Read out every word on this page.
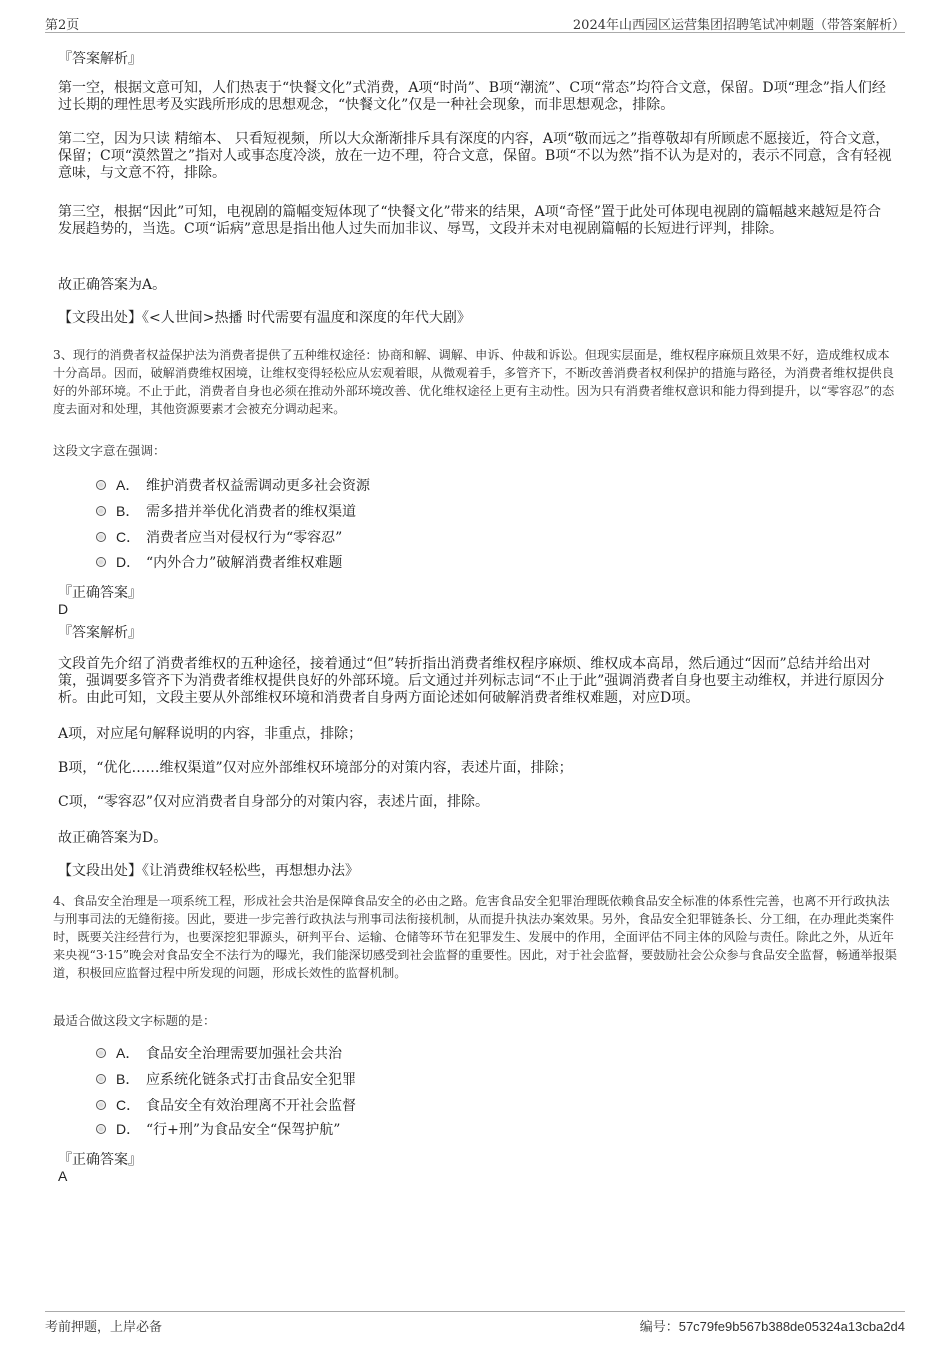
第2页	2024年山西园区运营集团招聘笔试冲刺题（带答案解析）
『答案解析』

第一空，根据文意可知，人们热衷于“快餐文化”式消费，A项“时尚”、B项“潮流”、C项“常态”均符合文意，保留。D项“理念”指人们经过长期的理性思考及实践所形成的思想观念，“快餐文化”仅是一种社会现象，而非思想观念，排除。

第二空，因为只读 精缩本、 只看短视频，所以大众渐渐排斥具有深度的内容，A项“敬而远之”指尊敬却有所顾虑不愿接近，符合文意，保留；C项“漠然置之”指对人或事态度冷淡，放在一边不理，符合文意，保留。B项“不以为然”指不认为是对的，表示不同意，含有轻视意味，与文意不符，排除。

第三空，根据“因此”可知，电视剧的篇幅变短体现了“快餐文化”带来的结果，A项“奇怪”置于此处可体现电视剧的篇幅越来越短是符合发展趋势的，当选。C项“诟病”意思是指出他人过失而加非议、辱骂，文段并未对电视剧篇幅的长短进行评判，排除。

故正确答案为A。
【文段出处】《<人世间>热播 时代需要有温度和深度的年代大剧》
3、现行的消费者权益保护法为消费者提供了五种维权途径：协商和解、调解、申诉、仲裁和诉讼。但现实层面是，维权程序麻烦且效果不好，造成维权成本十分高昂。因而，破解消费维权困境，让维权变得轻松应从宏观着眼，从微观着手，多管齐下，不断改善消费者权利保护的措施与路径，为消费者维权提供良好的外部环境。不止于此，消费者自身也必须在推动外部环境改善、优化维权途径上更有主动性。因为只有消费者维权意识和能力得到提升，以“零容忍”的态度去面对和处理，其他资源要素才会被充分调动起来。
这段文字意在强调：
A． 维护消费者权益需调动更多社会资源
B． 需多措并举优化消费者的维权渠道
C． 消费者应当对侵权行为“零容忍”
D． “内外合力”破解消费者维权难题
『正确答案』
D
『答案解析』

文段首先介绍了消费者维权的五种途径，接着通过“但”转折指出消费者维权程序麻烦、维权成本高昂，然后通过“因而”总结并给出对策，强调要多管齐下为消费者维权提供良好的外部环境。后文通过并列标志词“不止于此”强调消费者自身也要主动维权，并进行原因分析。由此可知，文段主要从外部维权环境和消费者自身两方面论述如何破解消费者维权难题，对应D项。

A项，对应尾句解释说明的内容，非重点，排除；

B项，“优化……维权渠道”仅对应外部维权环境部分的对策内容，表述片面，排除；

C项，“零容忍”仅对应消费者自身部分的对策内容，表述片面，排除。

故正确答案为D。
【文段出处】《让消费维权轻松些，再想想办法》
4、食品安全治理是一项系统工程，形成社会共治是保障食品安全的必由之路。危害食品安全犯罪治理既依赖食品安全标准的体系性完善，也离不开行政执法与刑事司法的无缝衔接。因此，要进一步完善行政执法与刑事司法衔接机制，从而提升执法办案效果。另外，食品安全犯罪链条长、分工细，在办理此类案件时，既要关注经营行为，也要深挖犯罪源头，研判平台、运输、仓储等环节在犯罪发生、发展中的作用，全面评估不同主体的风险与责任。除此之外，从近年来央视“3·15”晚会对食品安全不法行为的曝光，我们能深切感受到社会监督的重要性。因此，对于社会监督，要鼓励社会公众参与食品安全监督，畅通举报渠道，积极回应监督过程中所发现的问题，形成长效性的监督机制。
最适合做这段文字标题的是：
A． 食品安全治理需要加强社会共治
B． 应系统化链条式打击食品安全犯罪
C． 食品安全有效治理离不开社会监督
D． “行+刑”为食品安全“保驾护航”
『正确答案』
A
考前押题，上岸必备	编号：57c79fe9b567b388de05324a13cba2d4
